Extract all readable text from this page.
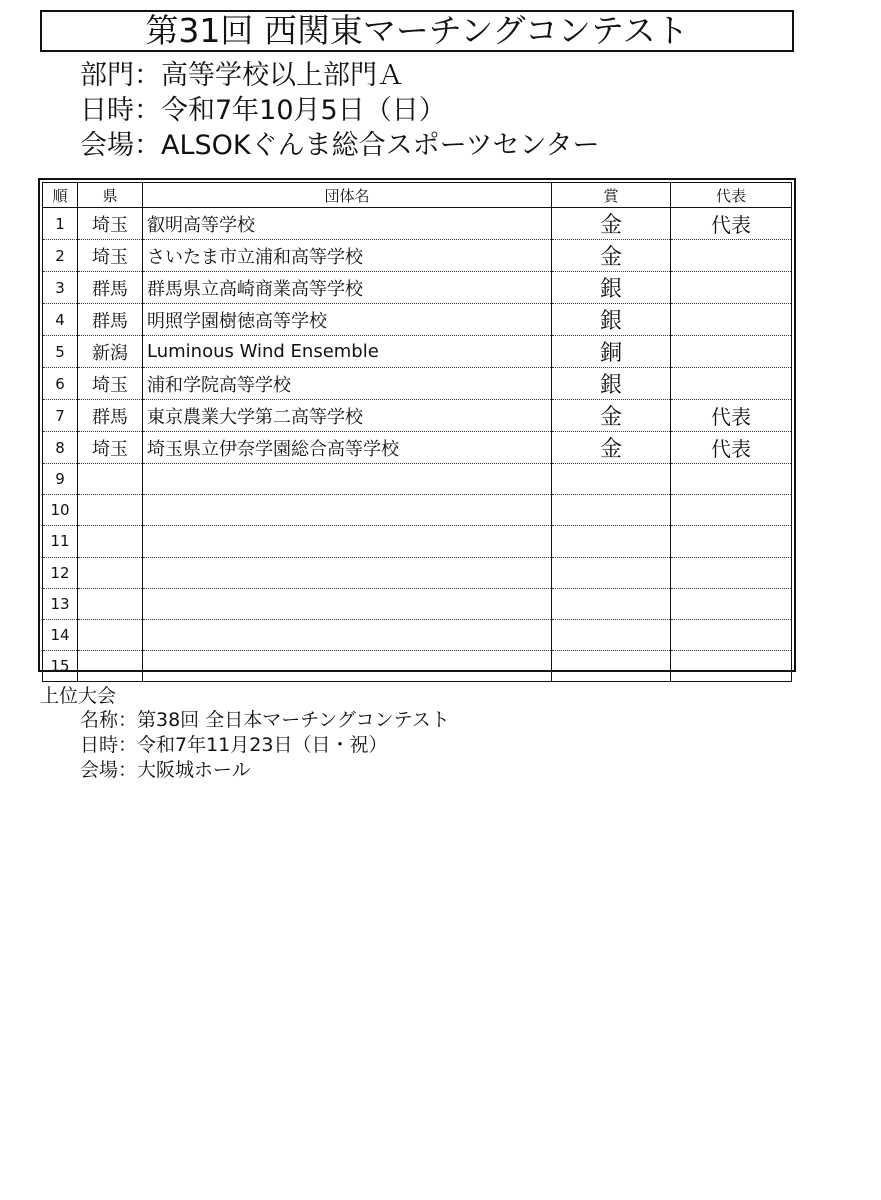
第31回 西関東マーチングコンテスト
部門：高等学校以上部門Ａ
日時：令和7年10月5日（日）
会場：ALSOKぐんま総合スポーツセンター
順	県	団体名	賞	代表
1	埼玉	叡明高等学校	金	代表
2	埼玉	さいたま市立浦和高等学校	金	
3	群馬	群馬県立高崎商業高等学校	銀	
4	群馬	明照学園樹徳高等学校	銀	
5	新潟	Luminous Wind Ensemble	銅	
6	埼玉	浦和学院高等学校	銀	
7	群馬	東京農業大学第二高等学校	金	代表
8	埼玉	埼玉県立伊奈学園総合高等学校	金	代表
9				
10				
11				
12				
13				
14				
15				
上位大会
名称：第38回 全日本マーチングコンテスト
日時：令和7年11月23日（日・祝）
会場：大阪城ホール
